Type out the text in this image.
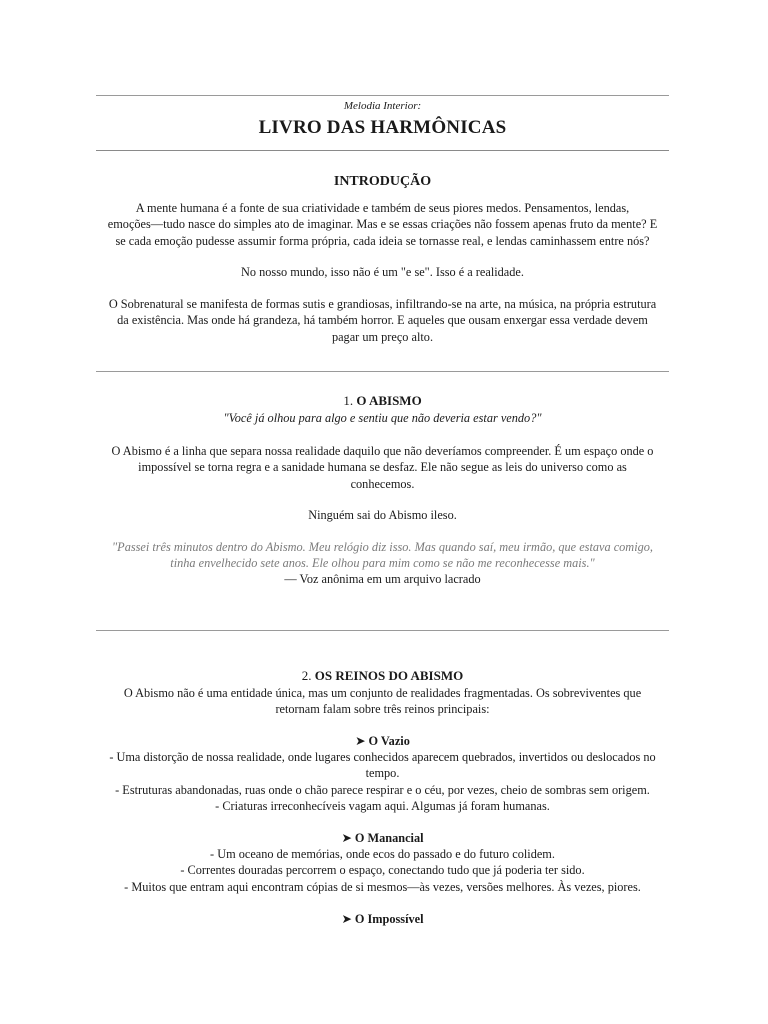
Melodia Interior:
LIVRO DAS HARMÔNICAS
INTRODUÇÃO
A mente humana é a fonte de sua criatividade e também de seus piores medos. Pensamentos, lendas,
emoções—tudo nasce do simples ato de imaginar. Mas e se essas criações não fossem apenas fruto da mente? E
se cada emoção pudesse assumir forma própria, cada ideia se tornasse real, e lendas caminhassem entre nós?
No nosso mundo, isso não é um "e se". Isso é a realidade.
O Sobrenatural se manifesta de formas sutis e grandiosas, infiltrando-se na arte, na música, na própria estrutura
da existência. Mas onde há grandeza, há também horror. E aqueles que ousam enxergar essa verdade devem
pagar um preço alto.
1. O ABISMO
"Você já olhou para algo e sentiu que não deveria estar vendo?"
O Abismo é a linha que separa nossa realidade daquilo que não deveríamos compreender. É um espaço onde o
impossível se torna regra e a sanidade humana se desfaz. Ele não segue as leis do universo como as
conhecemos.
Ninguém sai do Abismo ileso.
"Passei três minutos dentro do Abismo. Meu relógio diz isso. Mas quando saí, meu irmão, que estava comigo,
tinha envelhecido sete anos. Ele olhou para mim como se não me reconhecesse mais."
— Voz anônima em um arquivo lacrado
2. OS REINOS DO ABISMO
O Abismo não é uma entidade única, mas um conjunto de realidades fragmentadas. Os sobreviventes que
retornam falam sobre três reinos principais:
➤ O Vazio
- Uma distorção de nossa realidade, onde lugares conhecidos aparecem quebrados, invertidos ou deslocados no
tempo.
- Estruturas abandonadas, ruas onde o chão parece respirar e o céu, por vezes, cheio de sombras sem origem.
- Criaturas irreconhecíveis vagam aqui. Algumas já foram humanas.
➤ O Manancial
- Um oceano de memórias, onde ecos do passado e do futuro colidem.
- Correntes douradas percorrem o espaço, conectando tudo que já poderia ter sido.
- Muitos que entram aqui encontram cópias de si mesmos—às vezes, versões melhores. Às vezes, piores.
➤ O Impossível
